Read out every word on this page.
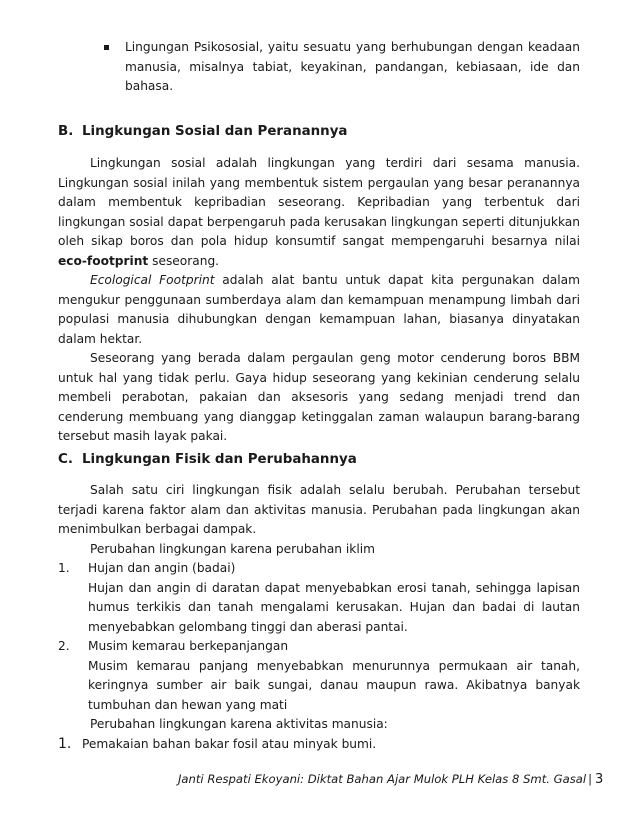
Lingungan Psikososial, yaitu sesuatu yang berhubungan dengan keadaan manusia, misalnya tabiat, keyakinan, pandangan, kebiasaan, ide dan bahasa.
B. Lingkungan Sosial dan Peranannya
Lingkungan sosial adalah lingkungan yang terdiri dari sesama manusia. Lingkungan sosial inilah yang membentuk sistem pergaulan yang besar peranannya dalam membentuk kepribadian seseorang. Kepribadian yang terbentuk dari lingkungan sosial dapat berpengaruh pada kerusakan lingkungan seperti ditunjukkan oleh sikap boros dan pola hidup konsumtif sangat mempengaruhi besarnya nilai eco-footprint seseorang.
Ecological Footprint adalah alat bantu untuk dapat kita pergunakan dalam mengukur penggunaan sumberdaya alam dan kemampuan menampung limbah dari populasi manusia dihubungkan dengan kemampuan lahan, biasanya dinyatakan dalam hektar.
Seseorang yang berada dalam pergaulan geng motor cenderung boros BBM untuk hal yang tidak perlu. Gaya hidup seseorang yang kekinian cenderung selalu membeli perabotan, pakaian dan aksesoris yang sedang menjadi trend dan cenderung membuang yang dianggap ketinggalan zaman walaupun barang-barang tersebut masih layak pakai.
C. Lingkungan Fisik dan Perubahannya
Salah satu ciri lingkungan fisik adalah selalu berubah. Perubahan tersebut terjadi karena faktor alam dan aktivitas manusia. Perubahan pada lingkungan akan menimbulkan berbagai dampak.
Perubahan lingkungan karena perubahan iklim
1. Hujan dan angin (badai)
Hujan dan angin di daratan dapat menyebabkan erosi tanah, sehingga lapisan humus terkikis dan tanah mengalami kerusakan. Hujan dan badai di lautan menyebabkan gelombang tinggi dan aberasi pantai.
2. Musim kemarau berkepanjangan
Musim kemarau panjang menyebabkan menurunnya permukaan air tanah, keringnya sumber air baik sungai, danau maupun rawa. Akibatnya banyak tumbuhan dan hewan yang mati
Perubahan lingkungan karena aktivitas manusia:
1. Pemakaian bahan bakar fosil atau minyak bumi.
Janti Respati Ekoyani: Diktat Bahan Ajar Mulok PLH Kelas 8 Smt. Gasal | 3
